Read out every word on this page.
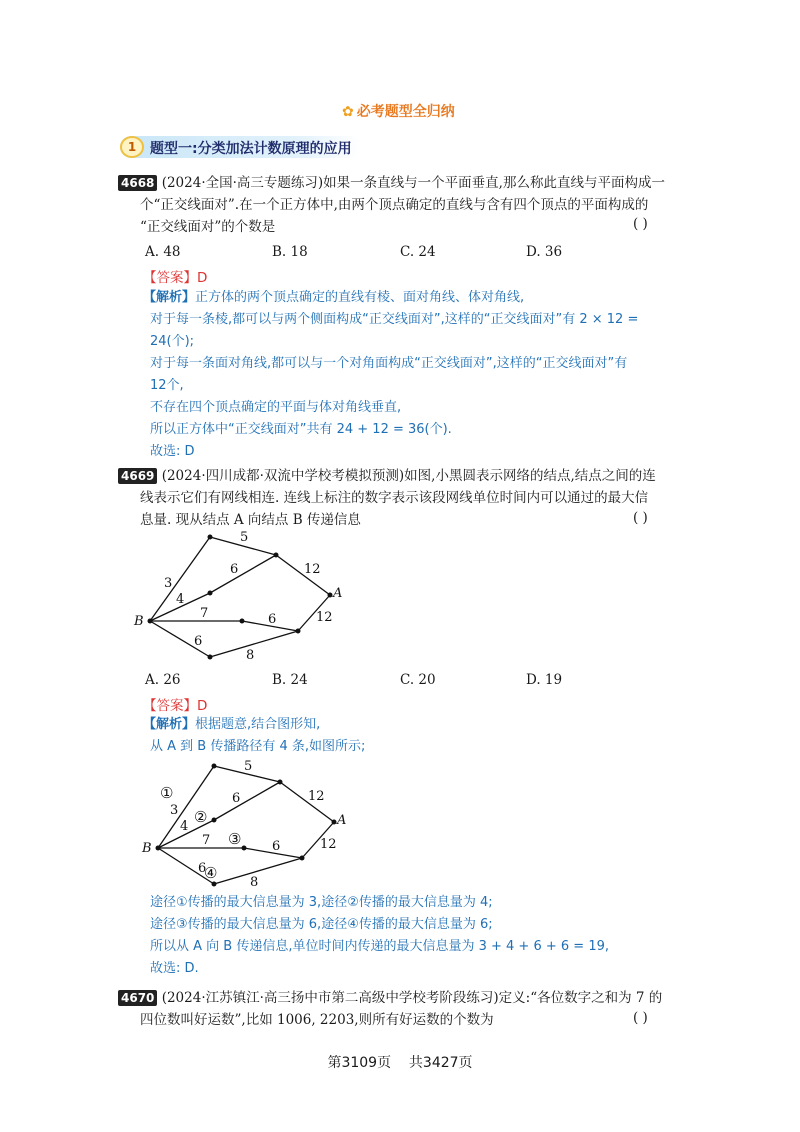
✿ 必考题型全归纳
1 题型一:分类加法计数原理的应用
4668 (2024·全国·高三专题练习)如果一条直线与一个平面垂直,那么称此直线与平面构成一
个“正交线面对”.在一个正方体中,由两个顶点确定的直线与含有四个顶点的平面构成的
“正交线面对”的个数是	( )
A. 48	B. 18	C. 24	D. 36
【答案】D
【解析】正方体的两个顶点确定的直线有棱、面对角线、体对角线,
对于每一条棱,都可以与两个侧面构成“正交线面对”,这样的“正交线面对”有 2 × 12 =
24(个);
对于每一条面对角线,都可以与一个对角面构成“正交线面对”,这样的“正交线面对”有
12个,
不存在四个顶点确定的平面与体对角线垂直,
所以正方体中“正交线面对”共有 24 + 12 = 36(个).
故选: D
4669 (2024·四川成都·双流中学校考模拟预测)如图,小黑圆表示网络的结点,结点之间的连
线表示它们有网线相连. 连线上标注的数字表示该段网线单位时间内可以通过的最大信
息量. 现从结点 A 向结点 B 传递信息	( )
B
A
5
3
6	12
4
7	6	12
6
8
A. 26	B. 24	C. 20	D. 19
【答案】D
【解析】根据题意,结合图形知,
从 A 到 B 传播路径有 4 条,如图所示;
B
A
5
3
6	12
4
7	6	12
6
8
①
②
③
④
途径①传播的最大信息量为 3,途径②传播的最大信息量为 4;
途径③传播的最大信息量为 6,途径④传播的最大信息量为 6;
所以从 A 向 B 传递信息,单位时间内传递的最大信息量为 3 + 4 + 6 + 6 = 19,
故选: D.
4670 (2024·江苏镇江·高三扬中市第二高级中学校考阶段练习)定义:“各位数字之和为 7 的
四位数叫好运数”,比如 1006, 2203,则所有好运数的个数为	( )
第3109页 共3427页
